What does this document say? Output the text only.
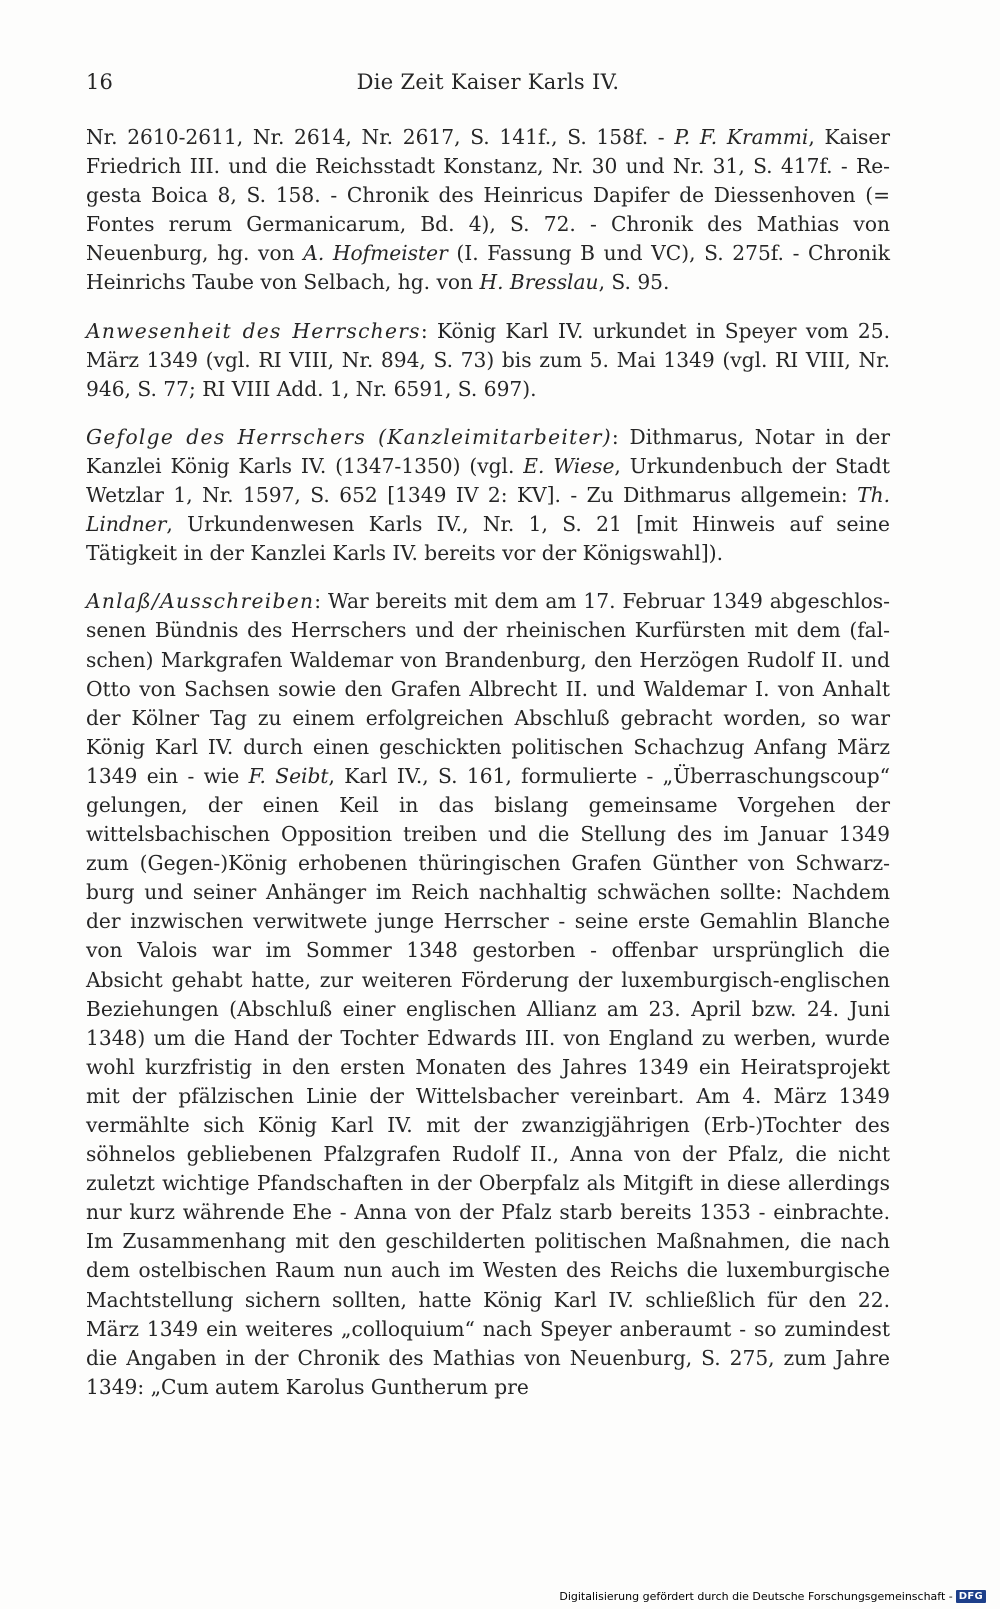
16	Die Zeit Kaiser Karls IV.

Nr. 2610-2611, Nr. 2614, Nr. 2617, S. 141f., S. 158f. - P. F. Krammi, Kaiser Friedrich III. und die Reichsstadt Konstanz, Nr. 30 und Nr. 31, S. 417f. - Regesta Boica 8, S. 158. - Chronik des Heinricus Dapifer de Diessenhoven (= Fontes rerum Germanicarum, Bd. 4), S. 72. - Chronik des Mathias von Neuenburg, hg. von A. Hofmeister (I. Fassung B und VC), S. 275f. - Chronik Heinrichs Taube von Selbach, hg. von H. Bresslau, S. 95.

Anwesenheit des Herrschers: König Karl IV. urkundet in Speyer vom 25. März 1349 (vgl. RI VIII, Nr. 894, S. 73) bis zum 5. Mai 1349 (vgl. RI VIII, Nr. 946, S. 77; RI VIII Add. 1, Nr. 6591, S. 697).

Gefolge des Herrschers (Kanzleimitarbeiter): Dithmarus, Notar in der Kanzlei König Karls IV. (1347-1350) (vgl. E. Wiese, Urkundenbuch der Stadt Wetzlar 1, Nr. 1597, S. 652 [1349 IV 2: KV]. - Zu Dithmarus allgemein: Th. Lindner, Urkundenwesen Karls IV., Nr. 1, S. 21 [mit Hinweis auf seine Tätigkeit in der Kanzlei Karls IV. bereits vor der Königswahl]).

Anlaß/Ausschreiben: War bereits mit dem am 17. Februar 1349 abgeschlossenen Bündnis des Herrschers und der rheinischen Kurfürsten mit dem (falschen) Markgrafen Waldemar von Brandenburg, den Herzögen Rudolf II. und Otto von Sachsen sowie den Grafen Albrecht II. und Waldemar I. von Anhalt der Kölner Tag zu einem erfolgreichen Abschluß gebracht worden, so war König Karl IV. durch einen geschickten politischen Schachzug Anfang März 1349 ein - wie F. Seibt, Karl IV., S. 161, formulierte - „Überraschungscoup“ gelungen, der einen Keil in das bislang gemeinsame Vorgehen der wittelsbachischen Opposition treiben und die Stellung des im Januar 1349 zum (Gegen-)König erhobenen thüringischen Grafen Günther von Schwarzburg und seiner Anhänger im Reich nachhaltig schwächen sollte: Nachdem der inzwischen verwitwete junge Herrscher - seine erste Gemahlin Blanche von Valois war im Sommer 1348 gestorben - offenbar ursprünglich die Absicht gehabt hatte, zur weiteren Förderung der luxemburgisch-englischen Beziehungen (Abschluß einer englischen Allianz am 23. April bzw. 24. Juni 1348) um die Hand der Tochter Edwards III. von England zu werben, wurde wohl kurzfristig in den ersten Monaten des Jahres 1349 ein Heiratsprojekt mit der pfälzischen Linie der Wittelsbacher vereinbart. Am 4. März 1349 vermählte sich König Karl IV. mit der zwanzigjährigen (Erb-)Tochter des söhnelos gebliebenen Pfalzgrafen Rudolf II., Anna von der Pfalz, die nicht zuletzt wichtige Pfandschaften in der Oberpfalz als Mitgift in diese allerdings nur kurz währende Ehe - Anna von der Pfalz starb bereits 1353 - einbrachte. Im Zusammenhang mit den geschilderten politischen Maßnahmen, die nach dem ostelbischen Raum nun auch im Westen des Reichs die luxemburgische Machtstellung sichern sollten, hatte König Karl IV. schließlich für den 22. März 1349 ein weiteres „colloquium“ nach Speyer anberaumt - so zumindest die Angaben in der Chronik des Mathias von Neuenburg, S. 275, zum Jahre 1349: „Cum autem Karolus Guntherum pre

Digitalisierung gefördert durch die Deutsche Forschungsgemeinschaft - DFG
